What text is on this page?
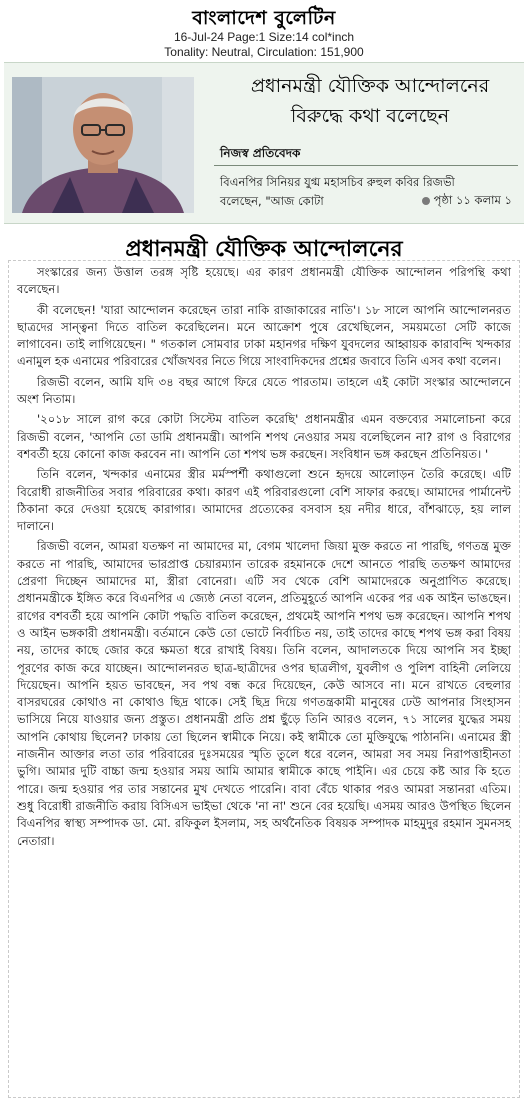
বাংলাদেশ বুলেটিন
16-Jul-24 Page:1 Size:14 col*inch
Tonality: Neutral, Circulation: 151,900
প্রধানমন্ত্রী যৌক্তিক আন্দোলনের
বিরুদ্ধে কথা বলেছেন
নিজস্ব প্রতিবেদক
বিএনপির সিনিয়র যুগ্ম মহাসচিব রুহুল কবির রিজভী
বলেছেন, "আজ কোটা	পৃষ্ঠা ১১ কলাম ১
প্রধানমন্ত্রী যৌক্তিক আন্দোলনের

সংস্কারের জন্য উত্তাল তরঙ্গ সৃষ্টি হয়েছে। এর কারণ প্রধানমন্ত্রী যৌক্তিক আন্দোলন পরিপন্থি কথা বলেছেন।

কী বলেছেন! 'যারা আন্দোলন করেছেন তারা নাকি রাজাকারের নাতি'। ১৮ সালে আপনি আন্দোলনরত ছাত্রদের সান্ত্বনা দিতে বাতিল করেছিলেন। মনে আক্রোশ পুষে রেখেছিলেন, সময়মতো সেটি কাজে লাগাবেন। তাই লাগিয়েছেন। " গতকাল সোমবার ঢাকা মহানগর দক্ষিণ যুবদলের আহ্বায়ক কারাবন্দি খন্দকার এনামুল হক এনামের পরিবারের খোঁজখবর নিতে গিয়ে সাংবাদিকদের প্রশ্নের জবাবে তিনি এসব কথা বলেন।

রিজভী বলেন, আমি যদি ৩৪ বছর আগে ফিরে যেতে পারতাম। তাহলে এই কোটা সংস্কার আন্দোলনে অংশ নিতাম।

'২০১৮ সালে রাগ করে কোটা সিস্টেম বাতিল করেছি' প্রধানমন্ত্রীর এমন বক্তব্যের সমালোচনা করে রিজভী বলেন, 'আপনি তো ডামি প্রধানমন্ত্রী। আপনি শপথ নেওয়ার সময় বলেছিলেন না? রাগ ও বিরাগের বশবর্তী হয়ে কোনো কাজ করবেন না। আপনি তো শপথ ভঙ্গ করছেন। সংবিধান ভঙ্গ করছেন প্রতিনিয়ত। '

তিনি বলেন, খন্দকার এনামের স্ত্রীর মর্মস্পর্শী কথাগুলো শুনে হৃদয়ে আলোড়ন তৈরি করেছে। এটি বিরোধী রাজনীতির সবার পরিবারের কথা। কারণ এই পরিবারগুলো বেশি সাফার করছে। আমাদের পার্মানেন্ট ঠিকানা করে দেওয়া হয়েছে কারাগার। আমাদের প্রত্যেকের বসবাস হয় নদীর ধারে, বাঁশঝাড়ে, হয় লাল দালানে।

রিজভী বলেন, আমরা যতক্ষণ না আমাদের মা, বেগম খালেদা জিয়া মুক্ত করতে না পারছি, গণতন্ত্র মুক্ত করতে না পারছি, আমাদের ভারপ্রাপ্ত চেয়ারম্যান তারেক রহমানকে দেশে আনতে পারছি ততক্ষণ আমাদের প্রেরণা দিচ্ছেন আমাদের মা, স্ত্রীরা বোনেরা। এটি সব থেকে বেশি আমাদেরকে অনুপ্রাণিত করেছে। প্রধানমন্ত্রীকে ইঙ্গিত করে বিএনপির এ জ্যেষ্ঠ নেতা বলেন, প্রতিমুহূর্তে আপনি একের পর এক আইন ভাঙছেন। রাগের বশবর্তী হয়ে আপনি কোটা পদ্ধতি বাতিল করেছেন, প্রথমেই আপনি শপথ ভঙ্গ করেছেন। আপনি শপথ ও আইন ভঙ্গকারী প্রধানমন্ত্রী। বর্তমানে কেউ তো ভোটে নির্বাচিত নয়, তাই তাদের কাছে শপথ ভঙ্গ করা বিষয় নয়, তাদের কাছে জোর করে ক্ষমতা ধরে রাখাই বিষয়। তিনি বলেন, আদালতকে দিয়ে আপনি সব ইচ্ছা পূরণের কাজ করে যাচ্ছেন। আন্দোলনরত ছাত্র-ছাত্রীদের ওপর ছাত্রলীগ, যুবলীগ ও পুলিশ বাহিনী লেলিয়ে দিয়েছেন। আপনি হয়ত ভাবছেন, সব পথ বন্ধ করে দিয়েছেন, কেউ আসবে না। মনে রাখতে বেহুলার বাসরঘরের কোথাও না কোথাও ছিদ্র থাকে। সেই ছিদ্র দিয়ে গণতন্ত্রকামী মানুষের ঢেউ আপনার সিংহাসন ভাসিয়ে নিয়ে যাওয়ার জন্য প্রস্তুত। প্রধানমন্ত্রী প্রতি প্রশ্ন ছুঁড়ে তিনি আরও বলেন, ৭১ সালের যুদ্ধের সময় আপনি কোথায় ছিলেন? ঢাকায় তো ছিলেন স্বামীকে নিয়ে। কই স্বামীকে তো মুক্তিযুদ্ধে পাঠাননি। এনামের স্ত্রী নাজনীন আক্তার লতা তার পরিবারের দুঃসময়ের স্মৃতি তুলে ধরে বলেন, আমরা সব সময় নিরাপত্তাহীনতা ভুগি। আমার দুটি বাচ্চা জন্ম হওয়ার সময় আমি আমার স্বামীকে কাছে পাইনি। এর চেয়ে কষ্ট আর কি হতে পারে। জন্ম হওয়ার পর তার সন্তানের মুখ দেখতে পারেনি। বাবা বেঁচে থাকার পরও আমরা সন্তানরা এতিম। শুধু বিরোধী রাজনীতি করায় বিসিএস ভাইভা থেকে 'না না' শুনে বের হয়েছি। এসময় আরও উপস্থিত ছিলেন বিএনপির স্বাস্থ্য সম্পাদক ডা. মো. রফিকুল ইসলাম, সহ অর্থনৈতিক বিষয়ক সম্পাদক মাহমুদুর রহমান সুমনসহ নেতারা।
